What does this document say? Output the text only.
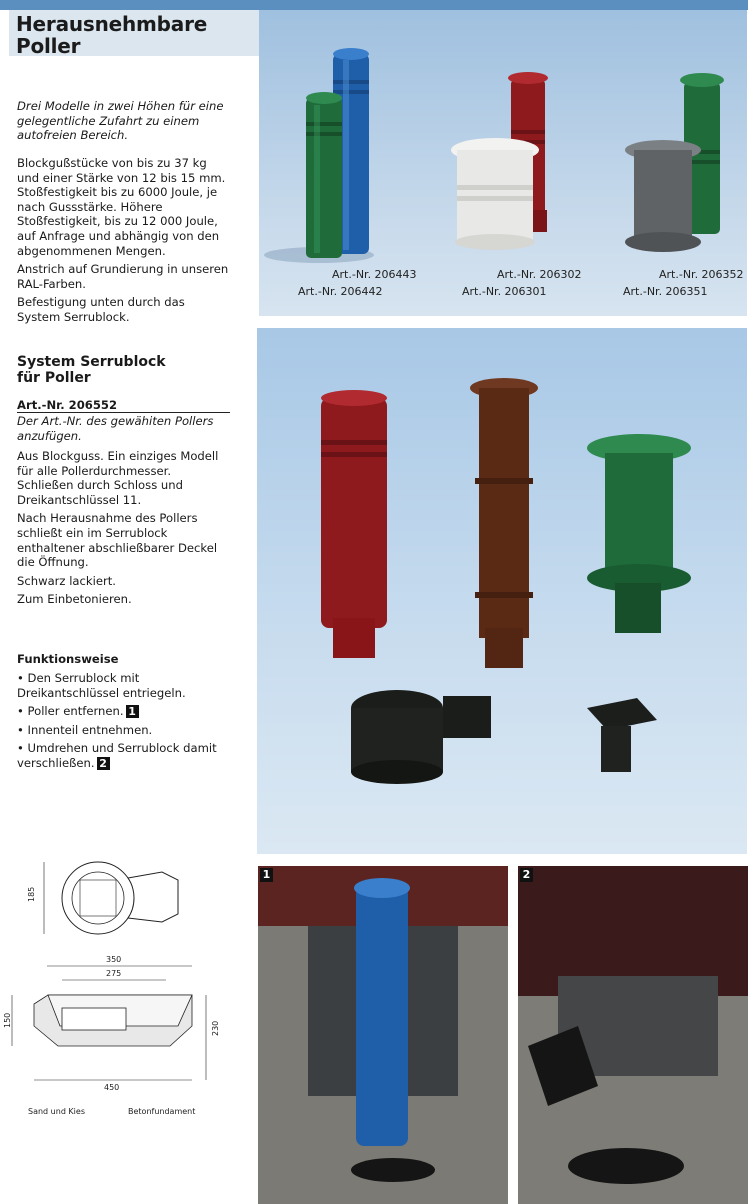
Herausnehmbare
Poller
Drei Modelle in zwei Höhen für eine gelegentliche Zufahrt zu einem autofreien Bereich.
Blockgußstücke von bis zu 37 kg und einer Stärke von 12 bis 15 mm. Stoßfestigkeit bis zu 6000 Joule, je nach Gussstärke. Höhere Stoßfestigkeit, bis zu 12 000 Joule, auf Anfrage und abhängig von den abgenommenen Mengen.
Anstrich auf Grundierung in unseren RAL-Farben.
Befestigung unten durch das System Serrublock.
System Serrublock
für Poller
Art.-Nr. 206552
Der Art.-Nr. des gewähiten Pollers anzufügen.
Aus Blockguss. Ein einziges Modell für alle Pollerdurchmesser. Schließen durch Schloss und Dreikantschlüssel 11.
Nach Herausnahme des Pollers schließt ein im Serrublock enthaltener abschließbarer Deckel die Öffnung.
Schwarz lackiert.
Zum Einbetonieren.
Funktionsweise
• Den Serrublock mit Dreikantschlüssel entriegeln.
• Poller entfernen. 1
• Innenteil entnehmen.
• Umdrehen und Serrublock damit verschließen. 2
Art.-Nr. 206443
Art.-Nr. 206442
Art.-Nr. 206302
Art.-Nr. 206301
Art.-Nr. 206352
Art.-Nr. 206351
185
350
275
150
230
450
Sand und Kies	Betonfundament
1	2
